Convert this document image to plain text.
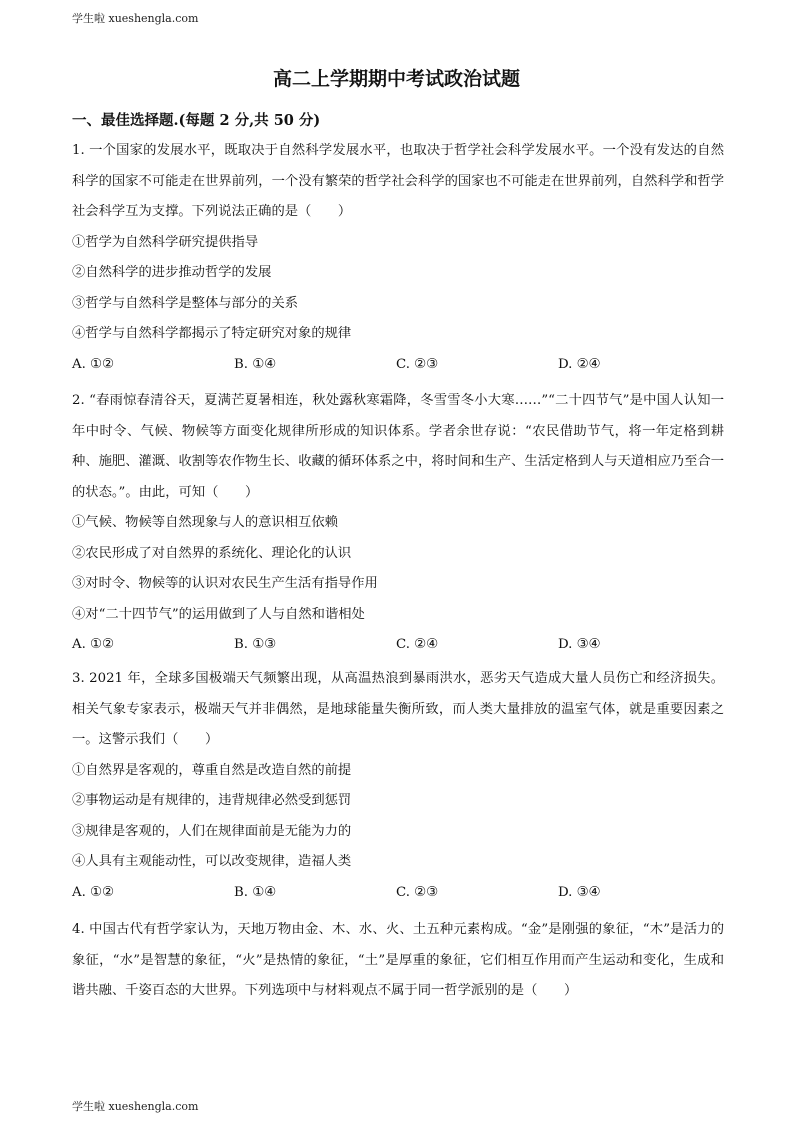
学生啦 xueshengla.com
高二上学期期中考试政治试题
一、最佳选择题.(每题 2 分,共 50 分)
1. 一个国家的发展水平，既取决于自然科学发展水平，也取决于哲学社会科学发展水平。一个没有发达的自然科学的国家不可能走在世界前列，一个没有繁荣的哲学社会科学的国家也不可能走在世界前列，自然科学和哲学社会科学互为支撑。下列说法正确的是（　　）
①哲学为自然科学研究提供指导
②自然科学的进步推动哲学的发展
③哲学与自然科学是整体与部分的关系
④哲学与自然科学都揭示了特定研究对象的规律
A. ①②	B. ①④	C. ②③	D. ②④
2. “春雨惊春清谷天，夏满芒夏暑相连，秋处露秋寒霜降，冬雪雪冬小大寒……”“二十四节气”是中国人认知一年中时令、气候、物候等方面变化规律所形成的知识体系。学者余世存说：“农民借助节气，将一年定格到耕种、施肥、灌溉、收割等农作物生长、收藏的循环体系之中，将时间和生产、生活定格到人与天道相应乃至合一的状态。”。由此，可知（　　）
①气候、物候等自然现象与人的意识相互依赖
②农民形成了对自然界的系统化、理论化的认识
③对时令、物候等的认识对农民生产生活有指导作用
④对“二十四节气”的运用做到了人与自然和谐相处
A. ①②	B. ①③	C. ②④	D. ③④
3. 2021 年，全球多国极端天气频繁出现，从高温热浪到暴雨洪水，恶劣天气造成大量人员伤亡和经济损失。相关气象专家表示，极端天气并非偶然，是地球能量失衡所致，而人类大量排放的温室气体，就是重要因素之一。这警示我们（　　）
①自然界是客观的，尊重自然是改造自然的前提
②事物运动是有规律的，违背规律必然受到惩罚
③规律是客观的，人们在规律面前是无能为力的
④人具有主观能动性，可以改变规律，造福人类
A. ①②	B. ①④	C. ②③	D. ③④
4. 中国古代有哲学家认为，天地万物由金、木、水、火、土五种元素构成。“金”是刚强的象征，“木”是活力的象征，“水”是智慧的象征，“火”是热情的象征，“土”是厚重的象征，它们相互作用而产生运动和变化，生成和谐共融、千姿百态的大世界。下列选项中与材料观点不属于同一哲学派别的是（　　）
学生啦 xueshengla.com
